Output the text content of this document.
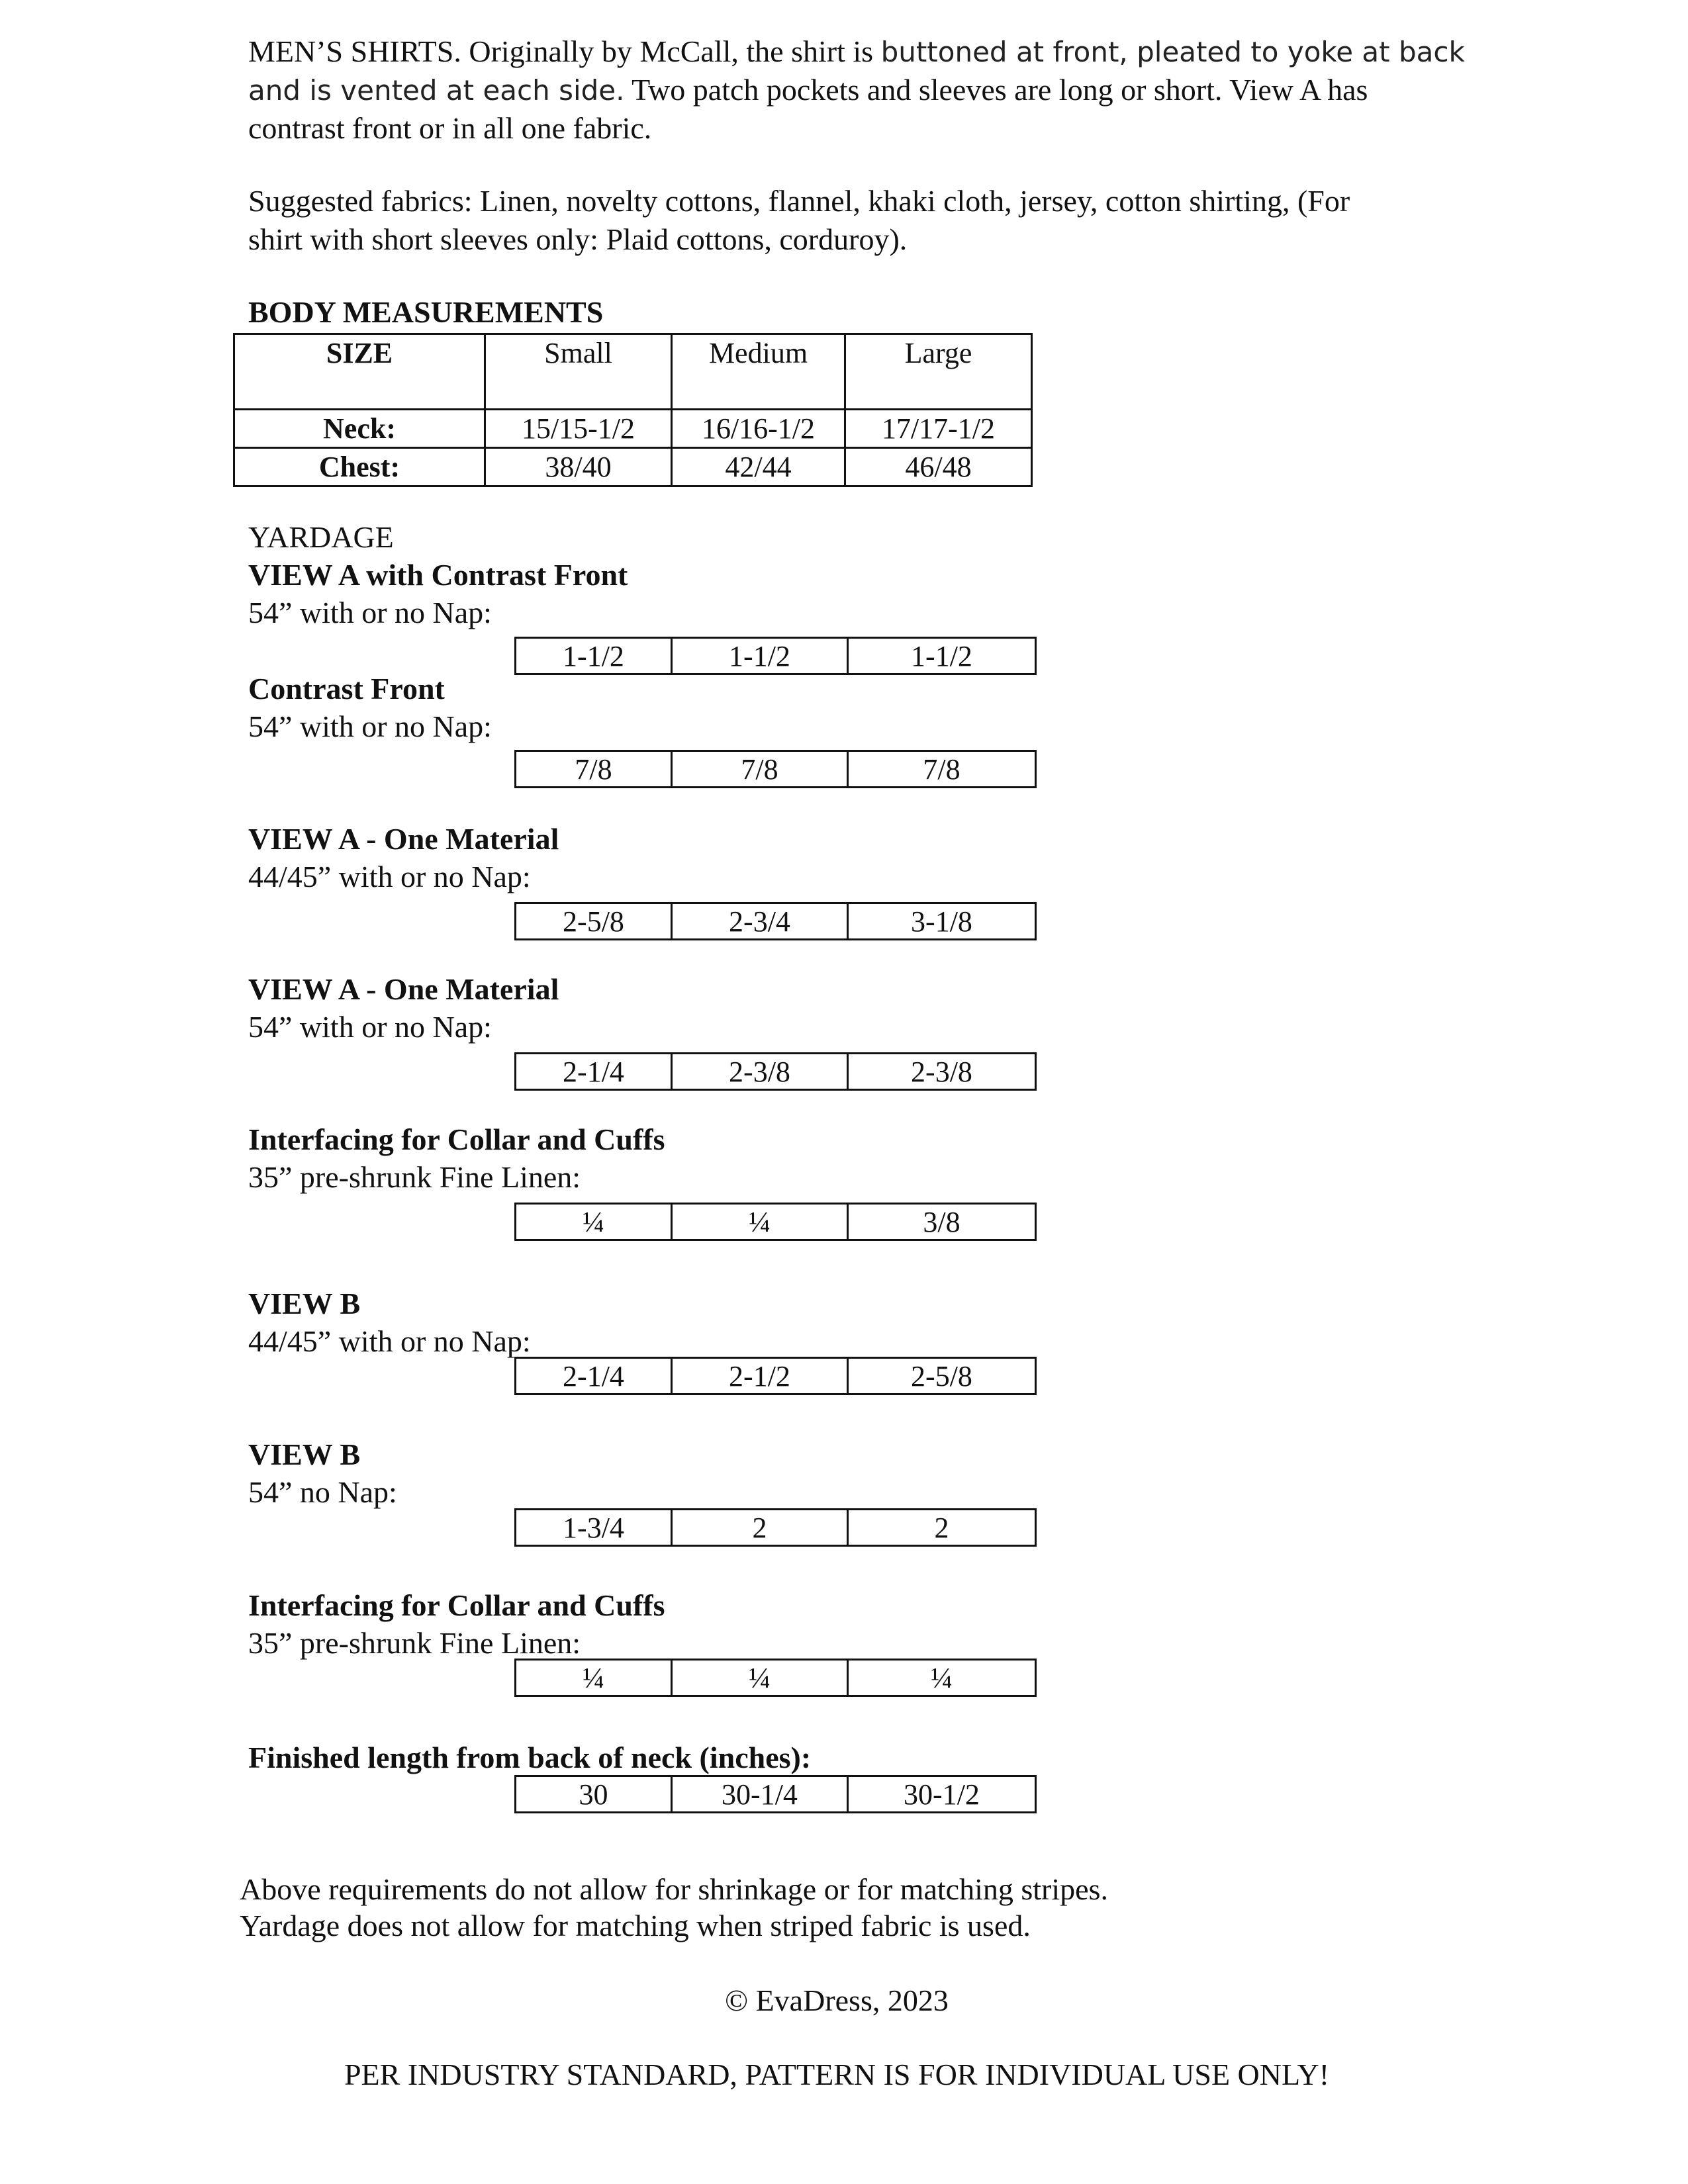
MEN’S SHIRTS. Originally by McCall, the shirt is buttoned at front, pleated to yoke at back
and is vented at each side. Two patch pockets and sleeves are long or short. View A has
contrast front or in all one fabric.
Suggested fabrics: Linen, novelty cottons, flannel, khaki cloth, jersey, cotton shirting, (For
shirt with short sleeves only: Plaid cottons, corduroy).
BODY MEASUREMENTS
SIZE	Small	Medium	Large

Neck:	15/15-1/2	16/16-1/2	17/17-1/2
Chest:	38/40	42/44	46/48
YARDAGE
VIEW A with Contrast Front
54” with or no Nap:
1-1/2	1-1/2	1-1/2
Contrast Front
54” with or no Nap:
7/8	7/8	7/8
VIEW A - One Material
44/45” with or no Nap:
2-5/8	2-3/4	3-1/8
VIEW A - One Material
54” with or no Nap:
2-1/4	2-3/8	2-3/8
Interfacing for Collar and Cuffs
35” pre-shrunk Fine Linen:
¼	¼	3/8
VIEW B
44/45” with or no Nap:
2-1/4	2-1/2	2-5/8
VIEW B
54” no Nap:
1-3/4	2	2
Interfacing for Collar and Cuffs
35” pre-shrunk Fine Linen:
¼	¼	¼
Finished length from back of neck (inches):
30	30-1/4	30-1/2
Above requirements do not allow for shrinkage or for matching stripes.
Yardage does not allow for matching when striped fabric is used.
© EvaDress, 2023
PER INDUSTRY STANDARD, PATTERN IS FOR INDIVIDUAL USE ONLY!
